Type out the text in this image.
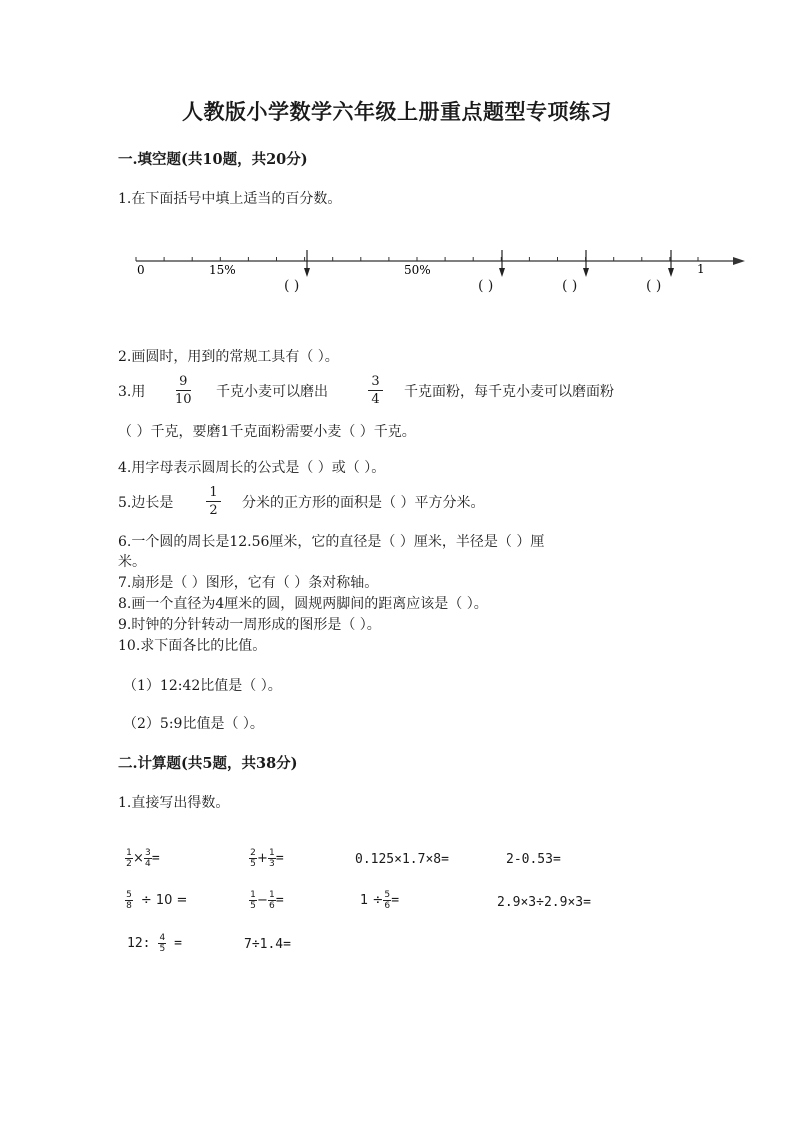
人教版小学数学六年级上册重点题型专项练习
一.填空题(共10题，共20分)
1.在下面括号中填上适当的百分数。
0	15%	50%	1
( )	( )	( )	( )
2.画圆时，用到的常规工具有（ ）。
3.用
9
10 千克小麦可以磨出
3
4 千克面粉，每千克小麦可以磨面粉
（ ）千克，要磨1千克面粉需要小麦（ ）千克。
4.用字母表示圆周长的公式是（ ）或（ ）。
5.边长是
1
2 分米的正方形的面积是（ ）平方分米。
6.一个圆的周长是12.56厘米，它的直径是（ ）厘米，半径是（ ）厘
米。
7.扇形是（ ）图形，它有（ ）条对称轴。
8.画一个直径为4厘米的圆，圆规两脚间的距离应该是（ ）。
9.时钟的分针转动一周形成的图形是（ ）。
10.求下面各比的比值。
（1）12:42比值是（ ）。
（2）5:9比值是（ ）。
二.计算题(共5题，共38分)
1.直接写出得数。
$\frac{1}{2} \times \frac{3}{4}$ =	$\frac{2}{5} + \frac{1}{3}$ =	0.125×1.7×8=	2-0.53=
$\frac{5}{8} \div 10$ =	$\frac{1}{5} - \frac{1}{6}$ =	$1 \div \frac{5}{6}$ =	2.9×3÷2.9×3=
12: $\frac{4}{5}$ =	7÷1.4=
